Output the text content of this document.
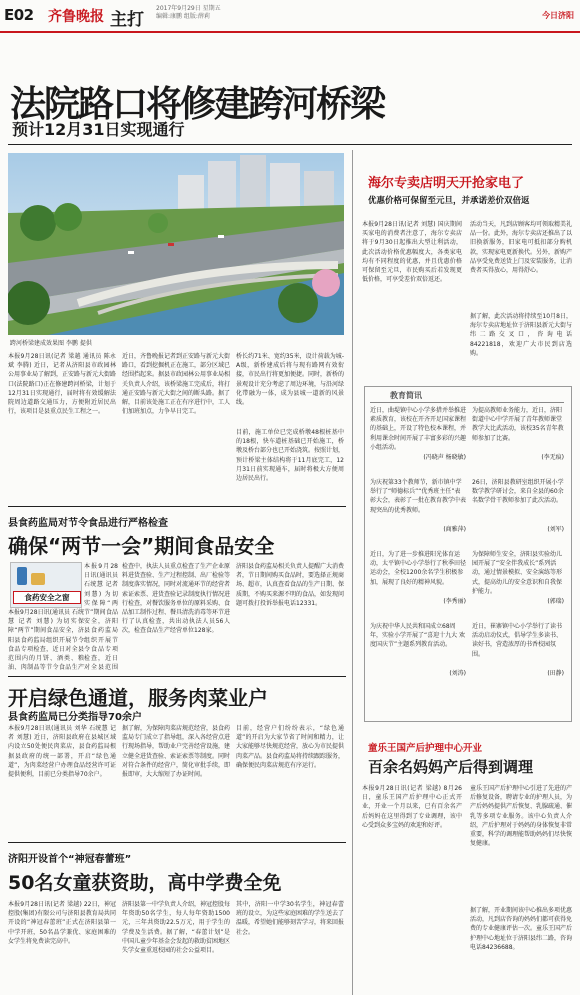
E02 齐鲁晚报 主打
2017年9月29日 星期五
编辑:康鹏 组版:薛莉	今日济阳
法院路口将修建跨河桥梁
预计12月31日实现通行
跨河桥梁建成效果图 李鹏 提供
本报9月28日讯(记者 梁越 通讯员 陈永斌 李腾) 近日，记者从济阳县市政园林公用事业局了解到，正安路与新元大街路口(法院路口)正在修建跨河桥梁，计划于12月31日实现通行，届时将有效缓解法院周边道路交通压力，方便附近居民出行，该项目是县重点民生工程之一。
近日，齐鲁晚报记者到正安路与新元大街路口，看到挖掘机正在施工，部分区域已经围挡起来。据县市政园林公用事业局相关负责人介绍，该桥梁施工完成后，将打通正安路与新元大街之间的断头路。据了解，目前该处施工正在有序进行中，工人们加班加点，力争早日完工。
桥长约71米、宽约35米，设计荷载为城-A级，新桥建成后将与现有路网有效衔接，市民出行将更加便捷。同时，新桥的景观设计充分考虑了周边环境，与沿河绿化带融为一体，成为县城一道新的风景线。
目前，施工单位已完成桥墩48根桩基中的18根，快车道桩基础已开始施工，桥墩及桥台部分也已开始浇筑。按照计划，预计桥梁主体结构将于11月底完工，12月31日前实现通车，届时将极大方便周边居民出行。
县食药监局对节令食品进行严格检查
确保“两节一会”期间食品安全
食药安全之窗
本报9月28日讯(通讯员 石统慧 记者 刘慧) 为切实保障“两节”期间食品安全，济阳县食药监局组织开展节令食品专项检查，近日对全县范围
本报9月28日讯(通讯员 石统慧 记者 刘慧) 为切实保障“两节”期间食品安全，济阳县食药监局组织开展节令食品专项检查，近日对全县范围内的月饼、酒类、粮油、肉制品等节令食品生产
检查中，执法人员重点检查了生产企业原料进货查验、生产过程控制、出厂检验等制度落实情况，同时对流通环节的经营者索证索票、进货查验记录制度执行情况进行检查，对餐饮服务单位的原料采购、食品加工制作过程、餐具清洗消毒等环节进行了认真检查，共出动执法人员56人次，检查食品生产经营单位128家。
济阳县食药监局相关负责人提醒广大消费者，节日期间购买食品时，要选择正规商场、超市，认真查看食品的生产日期、保质期，不购买来源不明的食品，如发现问题可拨打投诉举报电话12331。
开启绿色通道，服务肉菜业户
县食药监局已分类指导70余户
本报9月28日讯(通讯员 刘华 石统慧 记者 刘慧) 近日，济阳县政府在县城区域内设立50处便民肉菜店，县食药监局根据县政府的统一部署，开启“绿色通道”，为肉菜经营户办理食品经营许可证提供便利，目前已分类指导70余户。
据了解，为保障肉菜店规范经营，县食药监局专门成立了指导组，深入各经营点进行现场指导，帮助业户完善经营设施，建立健全进货查验、索证索票等制度。同时对符合条件的经营户，简化审批手续，即报即审，大大缩短了办证时间。
目前，经营户们纷纷表示，“绿色通道”的开启为大家节省了时间和精力，让大家能够尽快规范经营，放心为市民提供肉菜产品。县食药监局将持续跟踪服务，确保便民肉菜店规范有序运行。
济阳开设首个“神冠春蕾班”
50名女童获资助，高中学费全免
本报9月28日讯(记者 梁越) 22日，神冠控股(集团)有限公司与济阳县教育局共同开设的“神冠春蕾班”正式在济阳县第一中学开班，50名品学兼优、家庭困难的女学生将免费读完高中。
济阳县第一中学负责人介绍，神冠控股每年资助50名学生，每人每年资助1500元，三年共资助22.5万元，用于学生的学费及生活费。据了解，“春蕾计划”是中国儿童少年基金会发起的救助贫困地区失学女童重返校园的社会公益项目。
其中，济阳一中学30名学生，神冠春蕾班的设立，为这些家庭困难的学生送去了温暖，希望她们能够刻苦学习，将来回报社会。
海尔专卖店明天开抢家电了
优惠价格可保留至元旦，并承诺差价双倍返
本报9月28日讯(记者 刘慧) 国庆期间买家电的消费者注意了，海尔专卖店将于9月30日起推出大型让利活动，此次活动价格优惠幅度大，各类家电均有不同程度的优惠，并且优惠价格可保留至元旦，市民购买后若发现更低价格，可享受差价双倍返还。
活动当天，凡到店顾客均可领取精美礼品一份。此外，海尔专卖店还推出了以旧换新服务，旧家电可抵扣部分购机款，实现家电更新换代。另外，新购产品享受免费送货上门及安装服务，让消费者买得放心，用得舒心。
据了解，此次活动将持续至10月8日，海尔专卖店地址位于济阳县新元大街与纬二路交叉口，咨询电话84221818，欢迎广大市民到店选购。
教育简讯
近日，曲堤镇中心小学多措并举推进素质教育，该校在开齐开足国家课程的基础上，开设了特色校本课程，并利用课余时间开展了丰富多彩的兴趣小组活动。
(冯晓声 杨晓敏)
为庆祝第33个教师节，新市镇中学举行了“师德标兵”“优秀班主任”表彰大会，表彰了一批在教育教学中表现突出的优秀教师。
(商雅萍)
近日，为了进一步推进阳光体育运动，太平镇中心小学举行了秋季田径运动会，全校1200余名学生积极参加，展现了良好的精神风貌。
(李秀丽)
为庆祝中华人民共和国成立68周年，实验小学开展了“喜迎十九大 欢度国庆节”主题系列教育活动。
(刘涛)
为提高教师业务能力，近日，济阳街道中心中学开展了青年教师课堂教学大比武活动，该校35名青年教师参加了比赛。
(李无痕)
26日，济阳县教研室组织开展小学数学教学研讨会，来自全县的60余名数学骨干教师参加了此次活动。
(刘军)
为保障师生安全，济阳县实验幼儿园开展了“安全伴我成长”系列活动，通过情景模拟、安全演练等形式，提高幼儿的安全意识和自我保护能力。
(郭瑞)
近日，崔寨镇中心小学举行了读书活动启动仪式，倡导学生多读书、读好书，营造浓厚的书香校园氛围。
(田静)
童乐王国产后护理中心开业
百余名妈妈产后得到调理
本报9月28日讯(记者 梁越) 8月26日，童乐王国产后护理中心正式开业，开业一个月以来，已有百余名产后妈妈在这里得到了专业调理，该中心受到众多宝妈的欢迎和好评。
童乐王国产后护理中心引进了先进的产后修复设备，聘请专业的护理人员，为产后妈妈提供产后恢复、乳腺疏通、催乳等多项专业服务。该中心负责人介绍，产后护理对于妈妈的身体恢复非常重要，科学的调理能帮助妈妈们尽快恢复健康。
据了解，开业期间该中心推出多项优惠活动，凡到店咨询的妈妈们都可获得免费的专业健康评估一次。童乐王国产后护理中心地址位于济阳县纬二路，咨询电话84236688。
